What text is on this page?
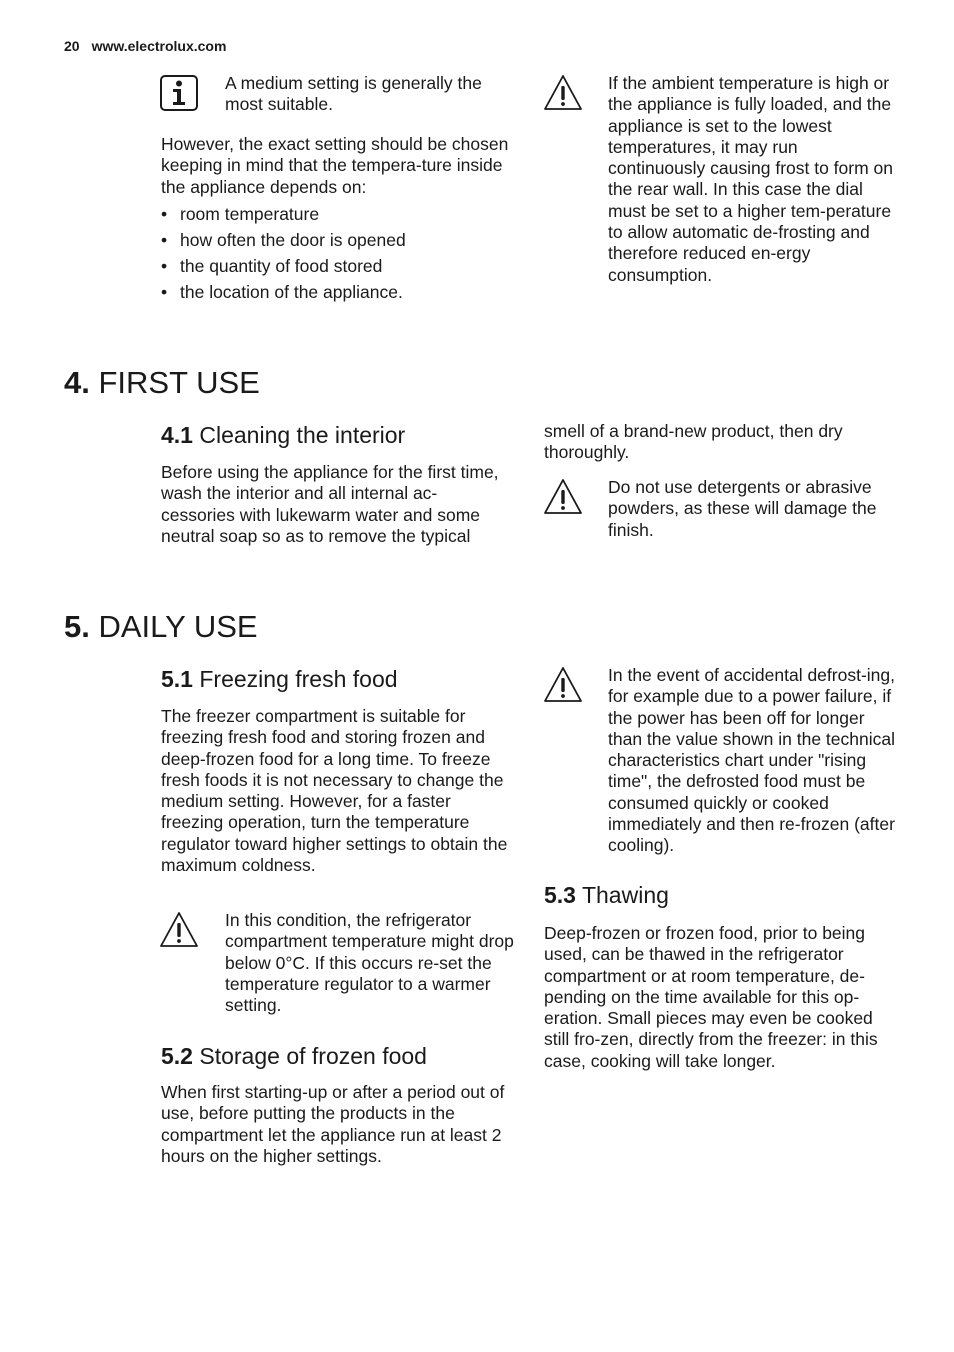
20 www.electrolux.com

A medium setting is generally the most suitable.

However, the exact setting should be chosen keeping in mind that the tempera-ture inside the appliance depends on:

• room temperature
• how often the door is opened
• the quantity of food stored
• the location of the appliance.

If the ambient temperature is high or the appliance is fully loaded, and the appliance is set to the lowest temperatures, it may run continuously causing frost to form on the rear wall. In this case the dial must be set to a higher tem-perature to allow automatic de-frosting and therefore reduced en-ergy consumption.

4. FIRST USE
4.1 Cleaning the interior

Before using the appliance for the first time, wash the interior and all internal ac-cessories with lukewarm water and some neutral soap so as to remove the typical

smell of a brand-new product, then dry thoroughly.

Do not use detergents or abrasive powders, as these will damage the finish.

5. DAILY USE
5.1 Freezing fresh food

The freezer compartment is suitable for freezing fresh food and storing frozen and deep-frozen food for a long time. To freeze fresh foods it is not necessary to change the medium setting. However, for a faster freezing operation, turn the temperature regulator toward higher settings to obtain the maximum coldness.

In this condition, the refrigerator compartment temperature might drop below 0°C. If this occurs re-set the temperature regulator to a warmer setting.

5.2 Storage of frozen food

When first starting-up or after a period out of use, before putting the products in the compartment let the appliance run at least 2 hours on the higher settings.

In the event of accidental defrost-ing, for example due to a power failure, if the power has been off for longer than the value shown in the technical characteristics chart under "rising time", the defrosted food must be consumed quickly or cooked immediately and then re-frozen (after cooling).

5.3 Thawing

Deep-frozen or frozen food, prior to being used, can be thawed in the refrigerator compartment or at room temperature, de-pending on the time available for this op-eration. Small pieces may even be cooked still fro-zen, directly from the freezer: in this case, cooking will take longer.
